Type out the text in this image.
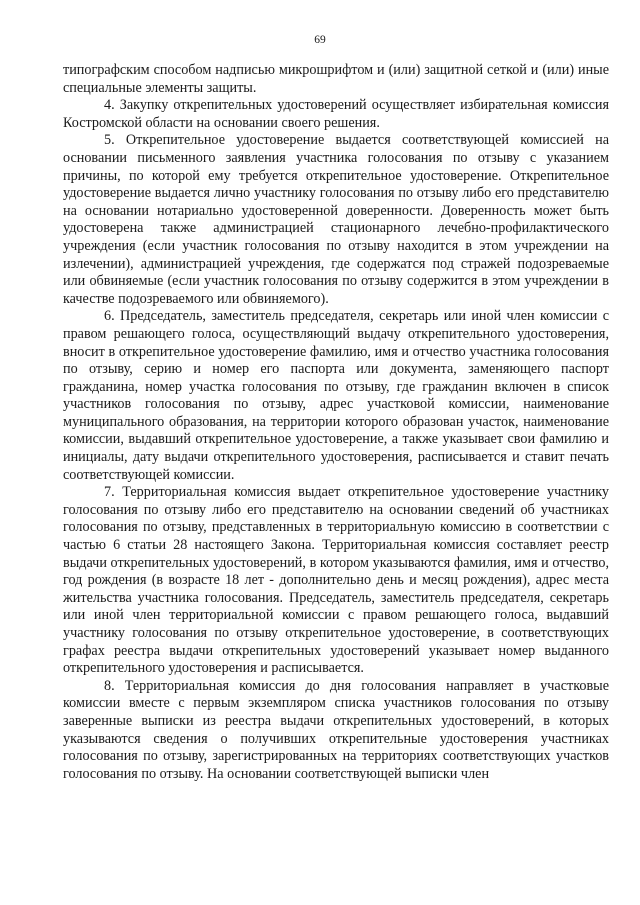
69

типографским способом надписью микрошрифтом и (или) защитной сеткой и (или) иные специальные элементы защиты.

4. Закупку открепительных удостоверений осуществляет избирательная комиссия Костромской области на основании своего решения.

5. Открепительное удостоверение выдается соответствующей комиссией на основании письменного заявления участника голосования по отзыву с указанием причины, по которой ему требуется открепительное удостоверение. Открепительное удостоверение выдается лично участнику голосования по отзыву либо его представителю на основании нотариально удостоверенной доверенности. Доверенность может быть удостоверена также администрацией стационарного лечебно-профилактического учреждения (если участник голосования по отзыву находится в этом учреждении на излечении), администрацией учреждения, где содержатся под стражей подозреваемые или обвиняемые (если участник голосования по отзыву содержится в этом учреждении в качестве подозреваемого или обвиняемого).

6. Председатель, заместитель председателя, секретарь или иной член комиссии с правом решающего голоса, осуществляющий выдачу открепительного удостоверения, вносит в открепительное удостоверение фамилию, имя и отчество участника голосования по отзыву, серию и номер его паспорта или документа, заменяющего паспорт гражданина, номер участка голосования по отзыву, где гражданин включен в список участников голосования по отзыву, адрес участковой комиссии, наименование муниципального образования, на территории которого образован участок, наименование комиссии, выдавший открепительное удостоверение, а также указывает свои фамилию и инициалы, дату выдачи открепительного удостоверения, расписывается и ставит печать соответствующей комиссии.

7. Территориальная комиссия выдает открепительное удостоверение участнику голосования по отзыву либо его представителю на основании сведений об участниках голосования по отзыву, представленных в территориальную комиссию в соответствии с частью 6 статьи 28 настоящего Закона. Территориальная комиссия составляет реестр выдачи открепительных удостоверений, в котором указываются фамилия, имя и отчество, год рождения (в возрасте 18 лет - дополнительно день и месяц рождения), адрес места жительства участника голосования. Председатель, заместитель председателя, секретарь или иной член территориальной комиссии с правом решающего голоса, выдавший участнику голосования по отзыву открепительное удостоверение, в соответствующих графах реестра выдачи открепительных удостоверений указывает номер выданного открепительного удостоверения и расписывается.

8. Территориальная комиссия до дня голосования направляет в участковые комиссии вместе с первым экземпляром списка участников голосования по отзыву заверенные выписки из реестра выдачи открепительных удостоверений, в которых указываются сведения о получивших открепительные удостоверения участниках голосования по отзыву, зарегистрированных на территориях соответствующих участков голосования по отзыву. На основании соответствующей выписки член
